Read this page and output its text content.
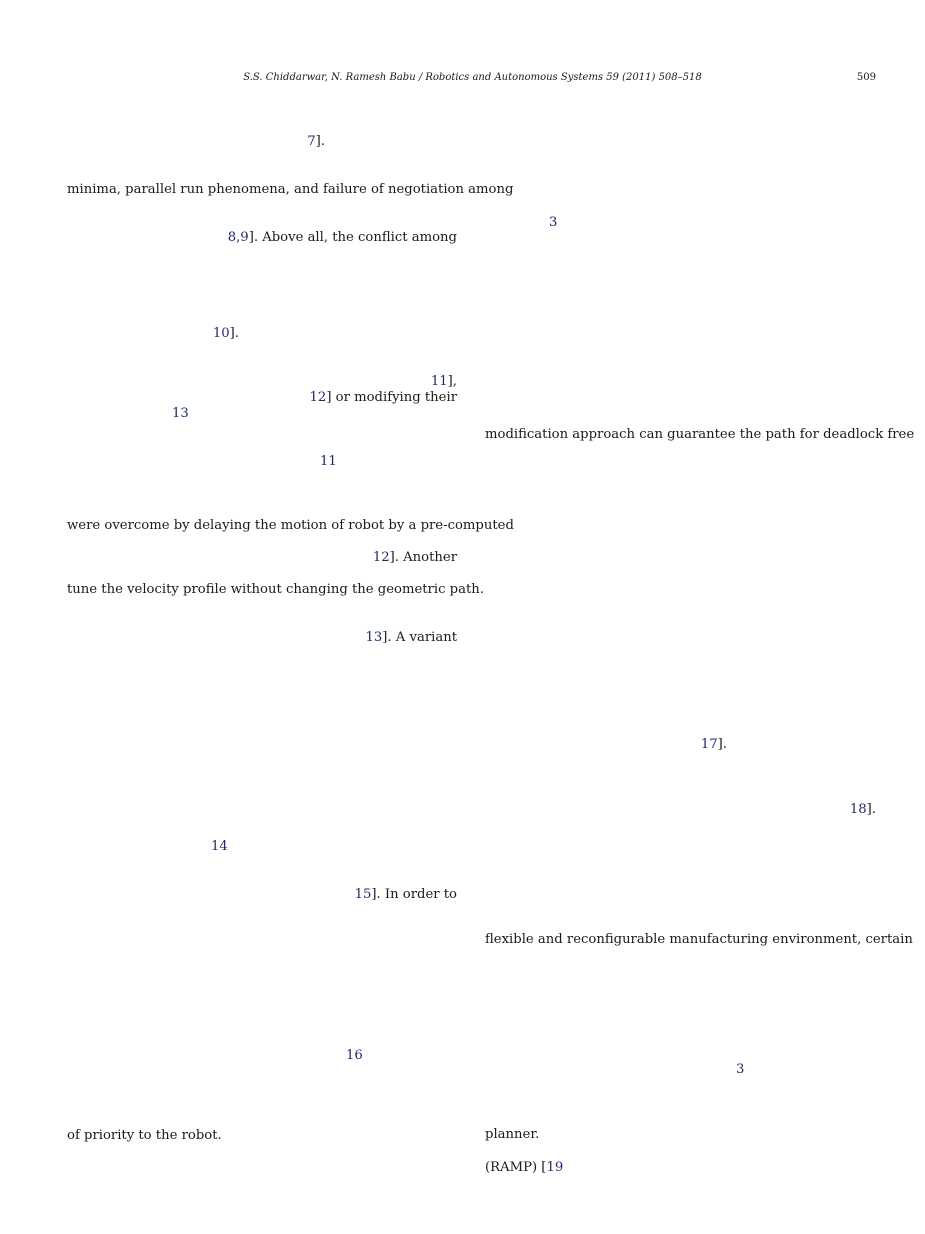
S.S. Chiddarwar, N. Ramesh Babu / Robotics and Autonomous Systems 59 (2011) 508–518	509
7].
minima, parallel run phenomena, and failure of negotiation among
8,9]. Above all, the conflict among
10].
11],
12] or modifying their
13
11
were overcome by delaying the motion of robot by a pre-computed
12]. Another
tune the velocity profile without changing the geometric path.
13]. A variant
14
15]. In order to
16
of priority to the robot.
3
modification approach can guarantee the path for deadlock free
17].
18].
flexible and reconfigurable manufacturing environment, certain
3
planner.
(RAMP) [19
